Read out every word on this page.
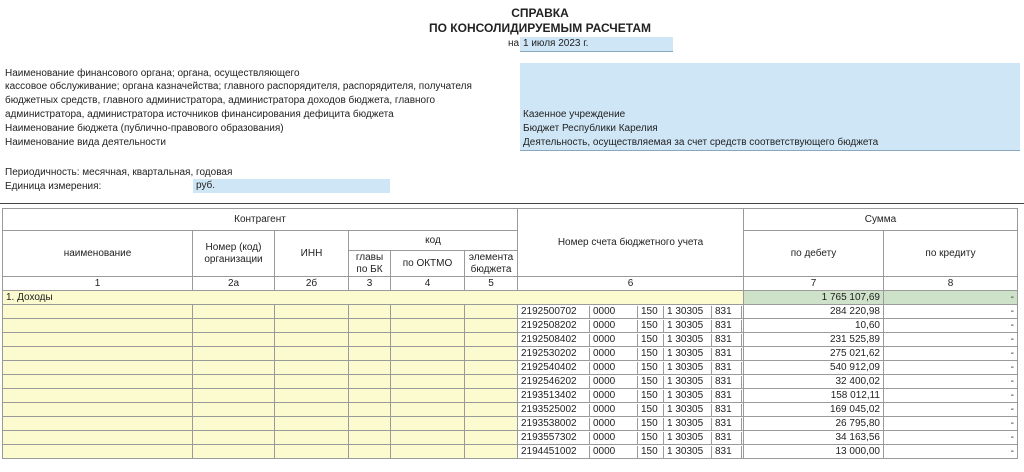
СПРАВКА
ПО КОНСОЛИДИРУЕМЫМ РАСЧЕТАМ
на 1 июля 2023 г.
Наименование финансового органа; органа, осуществляющего
кассовое обслуживание; органа казначейства; главного распорядителя, распорядителя, получателя
бюджетных средств, главного администратора, администратора доходов бюджета, главного
администратора, администратора источников финансирования дефицита бюджета
Наименование бюджета (публично-правового образования)
Наименование вида деятельности
Казенное учреждение
Бюджет Республики Карелия
Деятельность, осуществляемая за счет средств соответствующего бюджета
Периодичность: месячная, квартальная, годовая
Единица измерения:	руб.
Контрагент						Номер счета бюджетного учета	Сумма	
наименование	Номер (код) организации	ИНН	код				по дебету	по кредиту
			главы по БК	по ОКТМО	элемента бюджета			
1	2а	2б	3	4	5	6	7	8
1. Доходы							1 765 107,69	-

						2192500702 0000 150 1 30305 831	284 220,98	-

						2192508202 0000 150 1 30305 831	10,60	-

						2192508402 0000 150 1 30305 831	231 525,89	-

						2192530202 0000 150 1 30305 831	275 021,62	-

						2192540402 0000 150 1 30305 831	540 912,09	-

						2192546202 0000 150 1 30305 831	32 400,02	-

						2193513402 0000 150 1 30305 831	158 012,11	-

						2193525002 0000 150 1 30305 831	169 045,02	-

						2193538002 0000 150 1 30305 831	26 795,80	-

						2193557302 0000 150 1 30305 831	34 163,56	-

						2194451002 0000 150 1 30305 831	13 000,00	-
